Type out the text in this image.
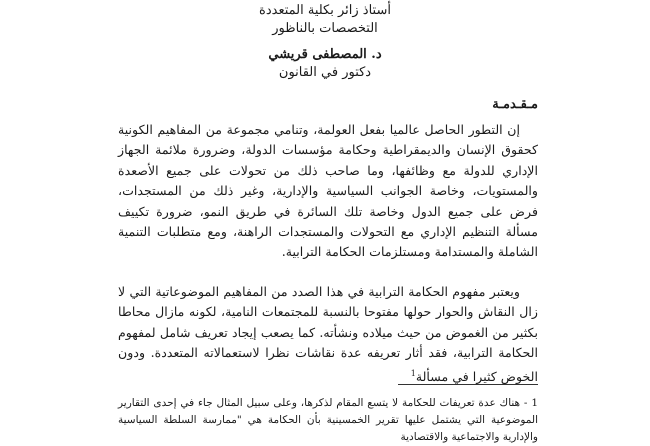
أستاذ زائر بكلية المتعددة
التخصصات بالناظور
د. المصطفى قريشي
دكتور في القانون
مـقـدمـة

إن التطور الحاصل عالميا بفعل العولمة، وتنامي مجموعة من المفاهيم الكونية كحقوق الإنسان والديمقراطية وحكامة مؤسسات الدولة، وضرورة ملائمة الجهاز الإداري للدولة مع وظائفها، وما صاحب ذلك من تحولات على جميع الأصعدة والمستويات، وخاصة الجوانب السياسية والإدارية، وغير ذلك من المستجدات، فرض على جميع الدول وخاصة تلك السائرة في طريق النمو، ضرورة تكييف مسألة التنظيم الإداري مع التحولات والمستجدات الراهنة، ومع متطلبات التنمية الشاملة والمستدامة ومستلزمات الحكامة الترابية.

ويعتبر مفهوم الحكامة الترابية في هذا الصدد من المفاهيم الموضوعاتية التي لا زال النقاش والحوار حولها مفتوحا بالنسبة للمجتمعات النامية، لكونه مازال محاطا بكثير من الغموض من حيث ميلاده ونشأته. كما يصعب إيجاد تعريف شامل لمفهوم الحكامة الترابية، فقد أثار تعريفه عدة نقاشات نظرا لاستعمالاته المتعددة. ودون الخوض كثيرا في مسألة$^1$

1 - هناك عدة تعريفات للحكامة لا يتسع المقام لذكرها، وعلى سبيل المثال جاء في إحدى التقارير الموضوعية التي يشتمل عليها تقرير الخمسينية بأن الحكامة هي "ممارسة السلطة السياسية والإدارية والاجتماعية والاقتصادية
